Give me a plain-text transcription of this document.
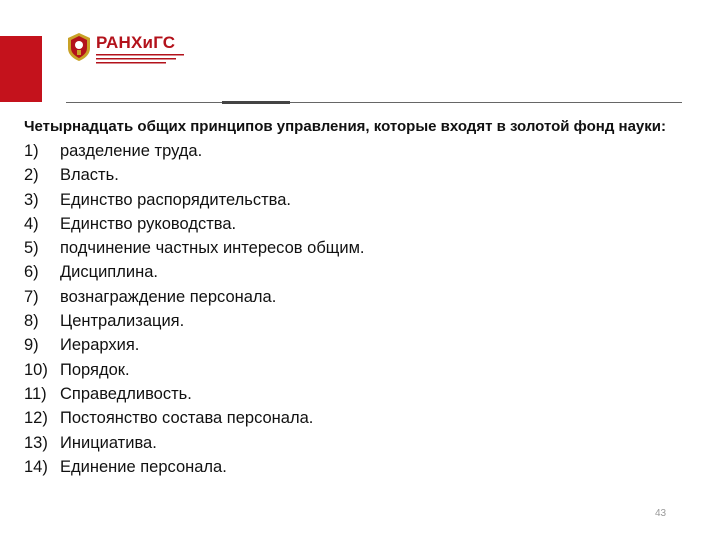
РАНХиГС
Четырнадцать общих принципов управления, которые входят в золотой фонд науки:
1) разделение труда.
2) Власть.
3) Единство распорядительства.
4) Единство руководства.
5) подчинение частных интересов общим.
6) Дисциплина.
7) вознаграждение персонала.
8) Централизация.
9) Иерархия.
10) Порядок.
11) Справедливость.
12) Постоянство состава персонала.
13) Инициатива.
14) Единение персонала.
43
